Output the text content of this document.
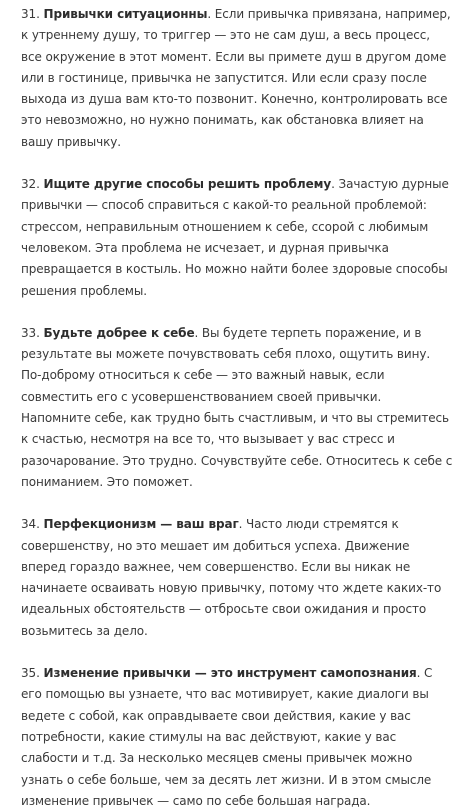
31. Привычки ситуационны. Если привычка привязана, например, к утреннему душу, то триггер — это не сам душ, а весь процесс, все окружение в этот момент. Если вы примете душ в другом доме или в гостинице, привычка не запустится. Или если сразу после выхода из душа вам кто-то позвонит. Конечно, контролировать все это невозможно, но нужно понимать, как обстановка влияет на вашу привычку.

32. Ищите другие способы решить проблему. Зачастую дурные привычки — способ справиться с какой-то реальной проблемой: стрессом, неправильным отношением к себе, ссорой с любимым человеком. Эта проблема не исчезает, и дурная привычка превращается в костыль. Но можно найти более здоровые способы решения проблемы.

33. Будьте добрее к себе. Вы будете терпеть поражение, и в результате вы можете почувствовать себя плохо, ощутить вину. По-доброму относиться к себе — это важный навык, если совместить его с усовершенствованием своей привычки. Напомните себе, как трудно быть счастливым, и что вы стремитесь к счастью, несмотря на все то, что вызывает у вас стресс и разочарование. Это трудно. Сочувствуйте себе. Относитесь к себе с пониманием. Это поможет.

34. Перфекционизм — ваш враг. Часто люди стремятся к совершенству, но это мешает им добиться успеха. Движение вперед гораздо важнее, чем совершенство. Если вы никак не начинаете осваивать новую привычку, потому что ждете каких-то идеальных обстоятельств — отбросьте свои ожидания и просто возьмитесь за дело.

35. Изменение привычки — это инструмент самопознания. С его помощью вы узнаете, что вас мотивирует, какие диалоги вы ведете с собой, как оправдываете свои действия, какие у вас потребности, какие стимулы на вас действуют, какие у вас слабости и т.д. За несколько месяцев смены привычек можно узнать о себе больше, чем за десять лет жизни. И в этом смысле изменение привычек — само по себе большая награда.
